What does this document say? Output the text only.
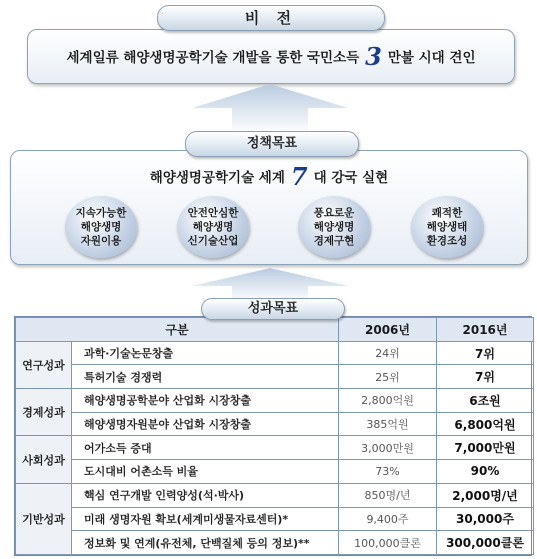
세계일류 해양생명공학기술 개발을 통한 국민소득 3 만불 시대 견인
비 전
해양생명공학기술 세계 7 대 강국 실현
지속가능한
해양생명
자원이용
안전안심한
해양생명
신기술산업
풍요로운
해양생명
경제구현
쾌적한
해양생태
환경조성
정책목표
구분		2006년	2016년
연구성과	과학·기술논문창출	24위	7위
	특허기술 경쟁력	25위	7위
경제성과	해양생명공학분야 산업화 시장창출	2,800억원	6조원
	해양생명자원분야 산업화 시장창출	385억원	6,800억원
사회성과	어가소득 증대	3,000만원	7,000만원
	도시대비 어촌소득 비율	73%	90%
기반성과	핵심 연구개발 인력양성(석·박사)	850명/년	2,000명/년
	미래 생명자원 확보(세계미생물자료센터)*	9,400주	30,000주
	정보화 및 연계(유전체, 단백질체 등의 정보)**	100,000클론	300,000클론
성과목표
